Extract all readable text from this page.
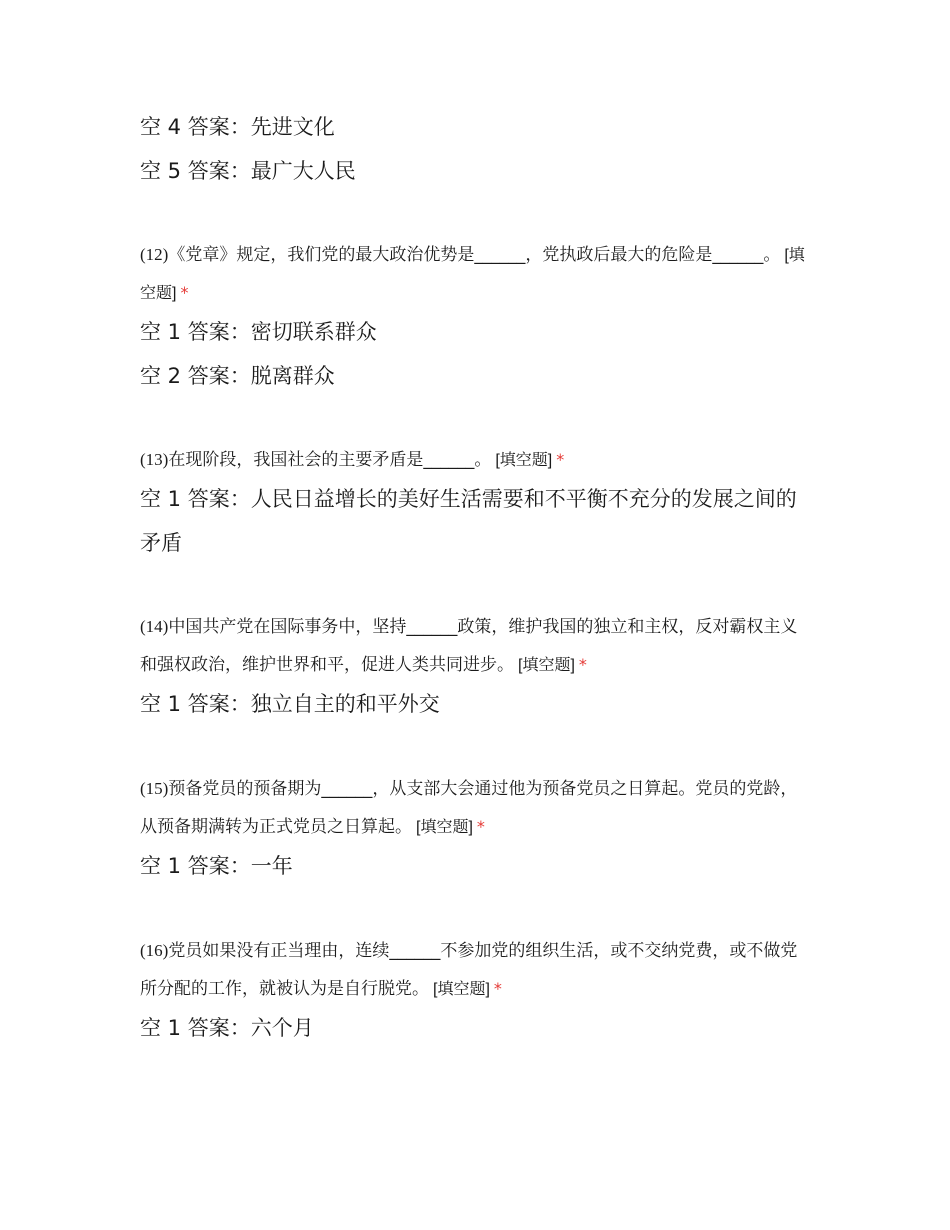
空 4 答案：先进文化
空 5 答案：最广大人民
(12)《党章》规定，我们党的最大政治优势是______，党执政后最大的危险是______。 [填空题] *
空 1 答案：密切联系群众
空 2 答案：脱离群众
(13)在现阶段，我国社会的主要矛盾是______。 [填空题] *
空 1 答案：人民日益增长的美好生活需要和不平衡不充分的发展之间的矛盾
(14)中国共产党在国际事务中，坚持______政策，维护我国的独立和主权，反对霸权主义和强权政治，维护世界和平，促进人类共同进步。 [填空题] *
空 1 答案：独立自主的和平外交
(15)预备党员的预备期为______，从支部大会通过他为预备党员之日算起。党员的党龄，从预备期满转为正式党员之日算起。 [填空题] *
空 1 答案：一年
(16)党员如果没有正当理由，连续______不参加党的组织生活，或不交纳党费，或不做党所分配的工作，就被认为是自行脱党。 [填空题] *
空 1 答案：六个月
